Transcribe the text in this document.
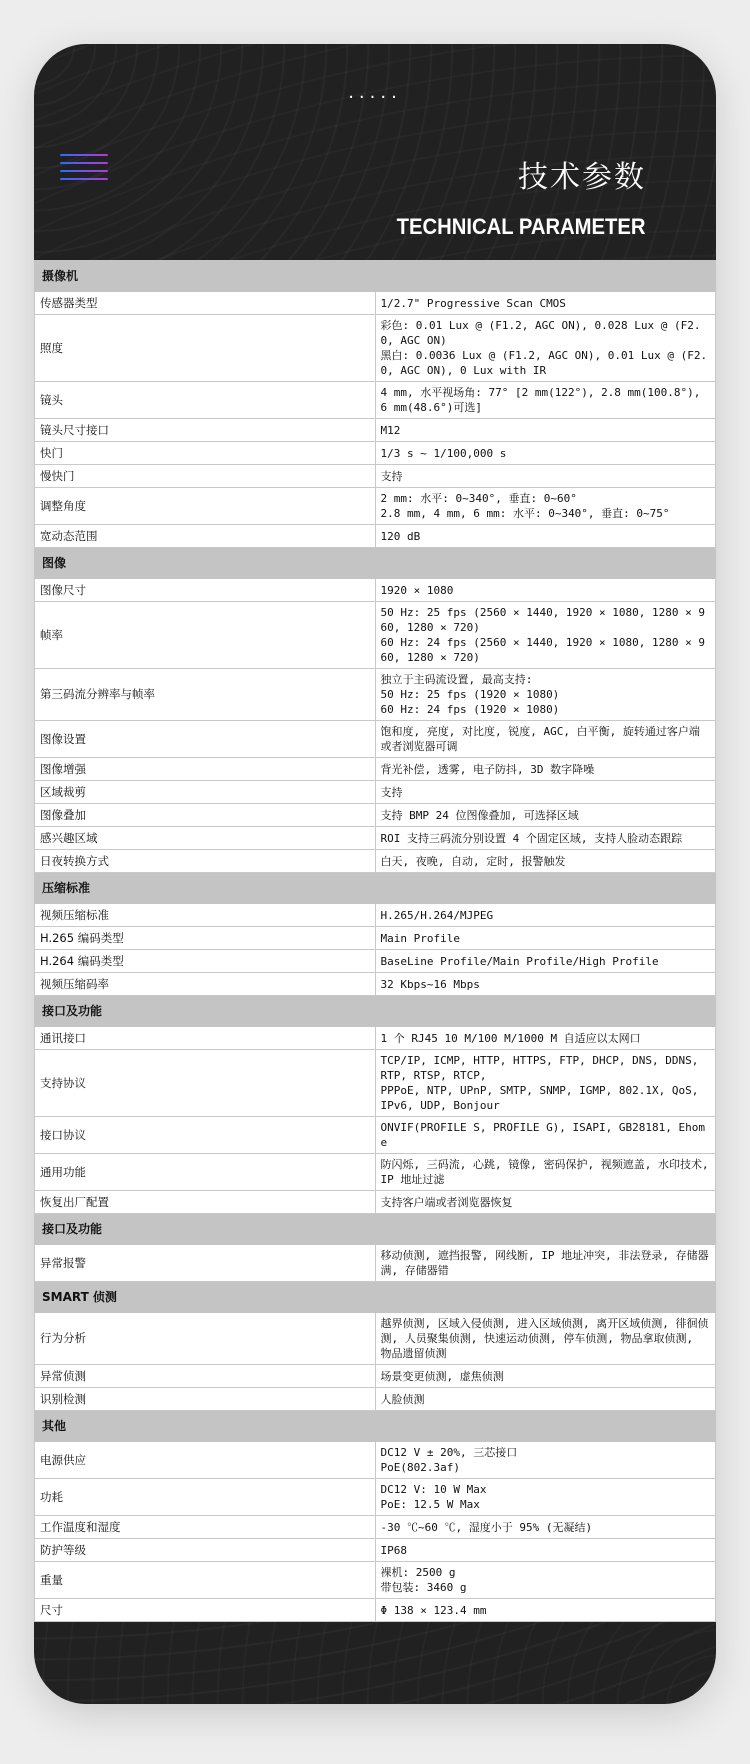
.....
技术参数
TECHNICAL PARAMETER
摄像机	
传感器类型	1/2.7" Progressive Scan CMOS

照度	彩色: 0.01 Lux @ (F1.2, AGC ON), 0.028 Lux @ (F2.0, AGC ON)
黑白: 0.0036 Lux @ (F1.2, AGC ON), 0.01 Lux @ (F2.0, AGC ON), 0 Lux with IR

镜头	4 mm, 水平视场角: 77° [2 mm(122°), 2.8 mm(100.8°), 6 mm(48.6°)可选]

镜头尺寸接口	M12

快门	1/3 s ~ 1/100,000 s

慢快门	支持

调整角度	2 mm: 水平: 0~340°, 垂直: 0~60°
2.8 mm, 4 mm, 6 mm: 水平: 0~340°, 垂直: 0~75°

宽动态范围	120 dB

图像	
图像尺寸	1920 × 1080

帧率	50 Hz: 25 fps (2560 × 1440, 1920 × 1080, 1280 × 960, 1280 × 720)
60 Hz: 24 fps (2560 × 1440, 1920 × 1080, 1280 × 960, 1280 × 720)

第三码流分辨率与帧率	独立于主码流设置, 最高支持:
50 Hz: 25 fps (1920 × 1080)
60 Hz: 24 fps (1920 × 1080)

图像设置	饱和度, 亮度, 对比度, 锐度, AGC, 白平衡, 旋转通过客户端或者浏览器可调

图像增强	背光补偿, 透雾, 电子防抖, 3D 数字降噪

区域裁剪	支持

图像叠加	支持 BMP 24 位图像叠加, 可选择区域

感兴趣区域	ROI 支持三码流分别设置 4 个固定区域, 支持人脸动态跟踪

日夜转换方式	白天, 夜晚, 自动, 定时, 报警触发

压缩标准	
视频压缩标准	H.265/H.264/MJPEG

H.265 编码类型	Main Profile

H.264 编码类型	BaseLine Profile/Main Profile/High Profile

视频压缩码率	32 Kbps~16 Mbps

接口及功能	
通讯接口	1 个 RJ45 10 M/100 M/1000 M 自适应以太网口

支持协议	TCP/IP, ICMP, HTTP, HTTPS, FTP, DHCP, DNS, DDNS, RTP, RTSP, RTCP,
PPPoE, NTP, UPnP, SMTP, SNMP, IGMP, 802.1X, QoS, IPv6, UDP, Bonjour

接口协议	ONVIF(PROFILE S, PROFILE G), ISAPI, GB28181, Ehome

通用功能	防闪烁, 三码流, 心跳, 镜像, 密码保护, 视频遮盖, 水印技术, IP 地址过滤

恢复出厂配置	支持客户端或者浏览器恢复

接口及功能	
异常报警	移动侦测, 遮挡报警, 网线断, IP 地址冲突, 非法登录, 存储器满, 存储器错

SMART 侦测	
行为分析	越界侦测, 区域入侵侦测, 进入区域侦测, 离开区域侦测, 徘徊侦测, 人员聚集侦测, 快速运动侦测, 停车侦测, 物品拿取侦测, 物品遗留侦测

异常侦测	场景变更侦测, 虚焦侦测

识别检测	人脸侦测

其他	
电源供应	DC12 V ± 20%, 三芯接口
PoE(802.3af)

功耗	DC12 V: 10 W Max
PoE: 12.5 W Max

工作温度和湿度	-30 ℃~60 ℃, 湿度小于 95% (无凝结)

防护等级	IP68

重量	裸机: 2500 g
带包装: 3460 g

尺寸	Φ 138 × 123.4 mm
